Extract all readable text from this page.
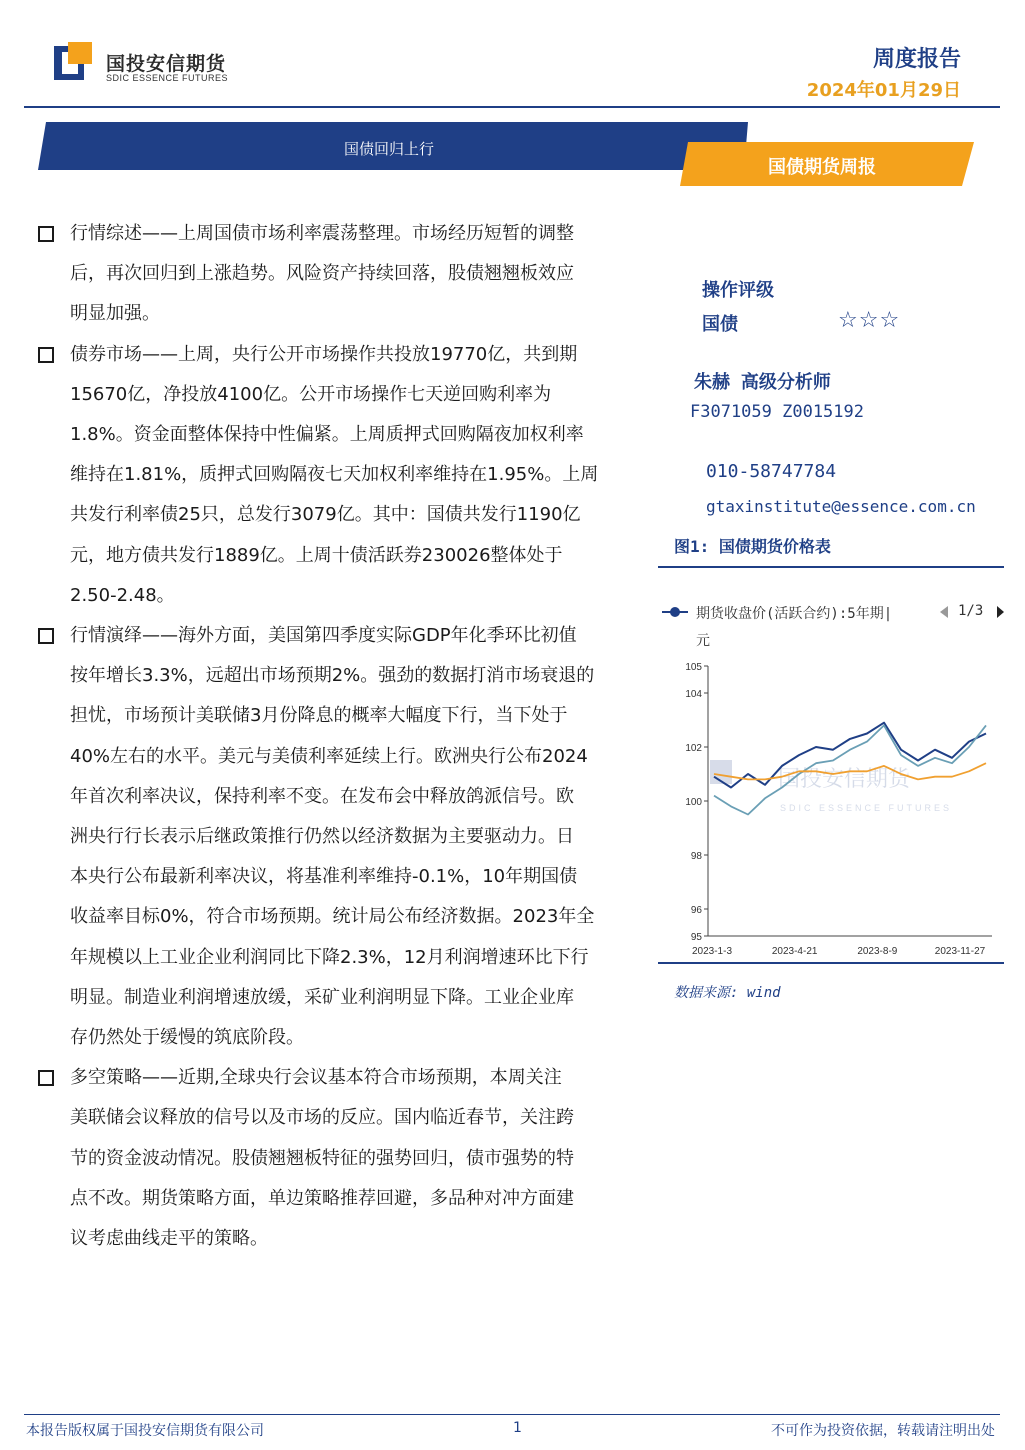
国投安信期货
SDIC ESSENCE FUTURES
周度报告
2024年01月29日
国债回归上行
国债期货周报

行情综述——上周国债市场利率震荡整理。市场经历短暂的调整

后，再次回归到上涨趋势。风险资产持续回落，股债翘翘板效应

明显加强。

债券市场——上周，央行公开市场操作共投放19770亿，共到期

15670亿，净投放4100亿。公开市场操作七天逆回购利率为

1.8%。资金面整体保持中性偏紧。上周质押式回购隔夜加权利率

维持在1.81%，质押式回购隔夜七天加权利率维持在1.95%。上周

共发行利率债25只，总发行3079亿。其中：国债共发行1190亿

元，地方债共发行1889亿。上周十债活跃券230026整体处于

2.50-2.48。

行情演绎——海外方面，美国第四季度实际GDP年化季环比初值

按年增长3.3%，远超出市场预期2%。强劲的数据打消市场衰退的

担忧，市场预计美联储3月份降息的概率大幅度下行，当下处于

40%左右的水平。美元与美债利率延续上行。欧洲央行公布2024

年首次利率决议，保持利率不变。在发布会中释放鸽派信号。欧

洲央行行长表示后继政策推行仍然以经济数据为主要驱动力。日

本央行公布最新利率决议，将基准利率维持-0.1%，10年期国债

收益率目标0%，符合市场预期。统计局公布经济数据。2023年全

年规模以上工业企业利润同比下降2.3%，12月利润增速环比下行

明显。制造业利润增速放缓，采矿业利润明显下降。工业企业库

存仍然处于缓慢的筑底阶段。

多空策略——近期,全球央行会议基本符合市场预期，本周关注

美联储会议释放的信号以及市场的反应。国内临近春节，关注跨

节的资金波动情况。股债翘翘板特征的强势回归，债市强势的特

点不改。期货策略方面，单边策略推荐回避，多品种对冲方面建

议考虑曲线走平的策略。

操作评级
国债	☆☆☆
朱赫 高级分析师
F3071059 Z0015192
010-58747784
gtaxinstitute@essence.com.cn
图1: 国债期货价格表
国投安信期货
SDIC ESSENCE FUTURES
95
96
98
100
102
104
105
2023-1-3	2023-4-21	2023-8-9	2023-11-27
期货收盘价(活跃合约):5年期|
元
1/3
数据来源: wind
本报告版权属于国投安信期货有限公司	1	不可作为投资依据，转载请注明出处
